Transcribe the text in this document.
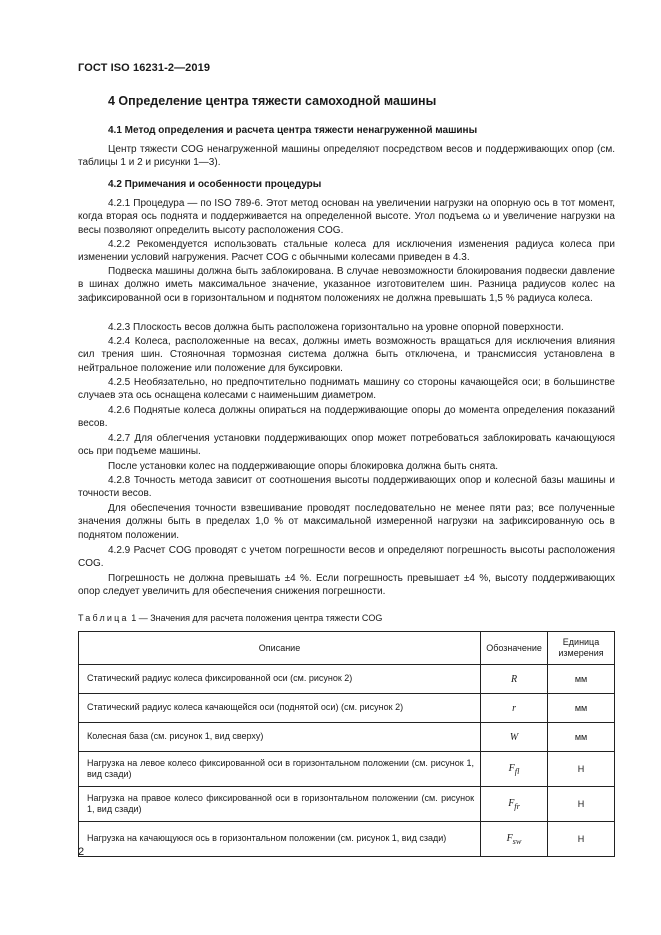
ГОСТ ISO 16231-2—2019
4 Определение центра тяжести самоходной машины
4.1 Метод определения и расчета центра тяжести ненагруженной машины
Центр тяжести COG ненагруженной машины определяют посредством весов и поддерживающих опор (см. таблицы 1 и 2 и рисунки 1—3).
4.2 Примечания и особенности процедуры
4.2.1 Процедура — по ISO 789-6. Этот метод основан на увеличении нагрузки на опорную ось в тот момент, когда вторая ось поднята и поддерживается на определенной высоте. Угол подъема ω и увеличение нагрузки на весы позволяют определить высоту расположения COG.
4.2.2 Рекомендуется использовать стальные колеса для исключения изменения радиуса колеса при изменении условий нагружения. Расчет COG с обычными колесами приведен в 4.3.
Подвеска машины должна быть заблокирована. В случае невозможности блокирования подвески давление в шинах должно иметь максимальное значение, указанное изготовителем шин. Разница радиусов колес на зафиксированной оси в горизонтальном и поднятом положениях не должна превышать 1,5 % радиуса колеса.
4.2.3 Плоскость весов должна быть расположена горизонтально на уровне опорной поверхности.
4.2.4 Колеса, расположенные на весах, должны иметь возможность вращаться для исключения влияния сил трения шин. Стояночная тормозная система должна быть отключена, и трансмиссия установлена в нейтральное положение или положение для буксировки.
4.2.5 Необязательно, но предпочтительно поднимать машину со стороны качающейся оси; в большинстве случаев эта ось оснащена колесами с наименьшим диаметром.
4.2.6 Поднятые колеса должны опираться на поддерживающие опоры до момента определения показаний весов.
4.2.7 Для облегчения установки поддерживающих опор может потребоваться заблокировать качающуюся ось при подъеме машины.
После установки колес на поддерживающие опоры блокировка должна быть снята.
4.2.8 Точность метода зависит от соотношения высоты поддерживающих опор и колесной базы машины и точности весов.
Для обеспечения точности взвешивание проводят последовательно не менее пяти раз; все полученные значения должны быть в пределах 1,0 % от максимальной измеренной нагрузки на зафиксированную ось в поднятом положении.
4.2.9 Расчет COG проводят с учетом погрешности весов и определяют погрешность высоты расположения COG.
Погрешность не должна превышать ±4 %. Если погрешность превышает ±4 %, высоту поддерживающих опор следует увеличить для обеспечения снижения погрешности.
Таблица 1 — Значения для расчета положения центра тяжести COG
Описание	Обозначение	Единица измерения
Статический радиус колеса фиксированной оси (см. рисунок 2)	R	мм
Статический радиус колеса качающейся оси (поднятой оси) (см. рисунок 2)	r	мм
Колесная база (см. рисунок 1, вид сверху)	W	мм
Нагрузка на левое колесо фиксированной оси в горизонтальном положении (см. рисунок 1, вид сзади)	$F_{fl}$	Н
Нагрузка на правое колесо фиксированной оси в горизонтальном положении (см. рисунок 1, вид сзади)	$F_{fr}$	Н
Нагрузка на качающуюся ось в горизонтальном положении (см. рисунок 1, вид сзади)	$F_{sw}$	Н
2
